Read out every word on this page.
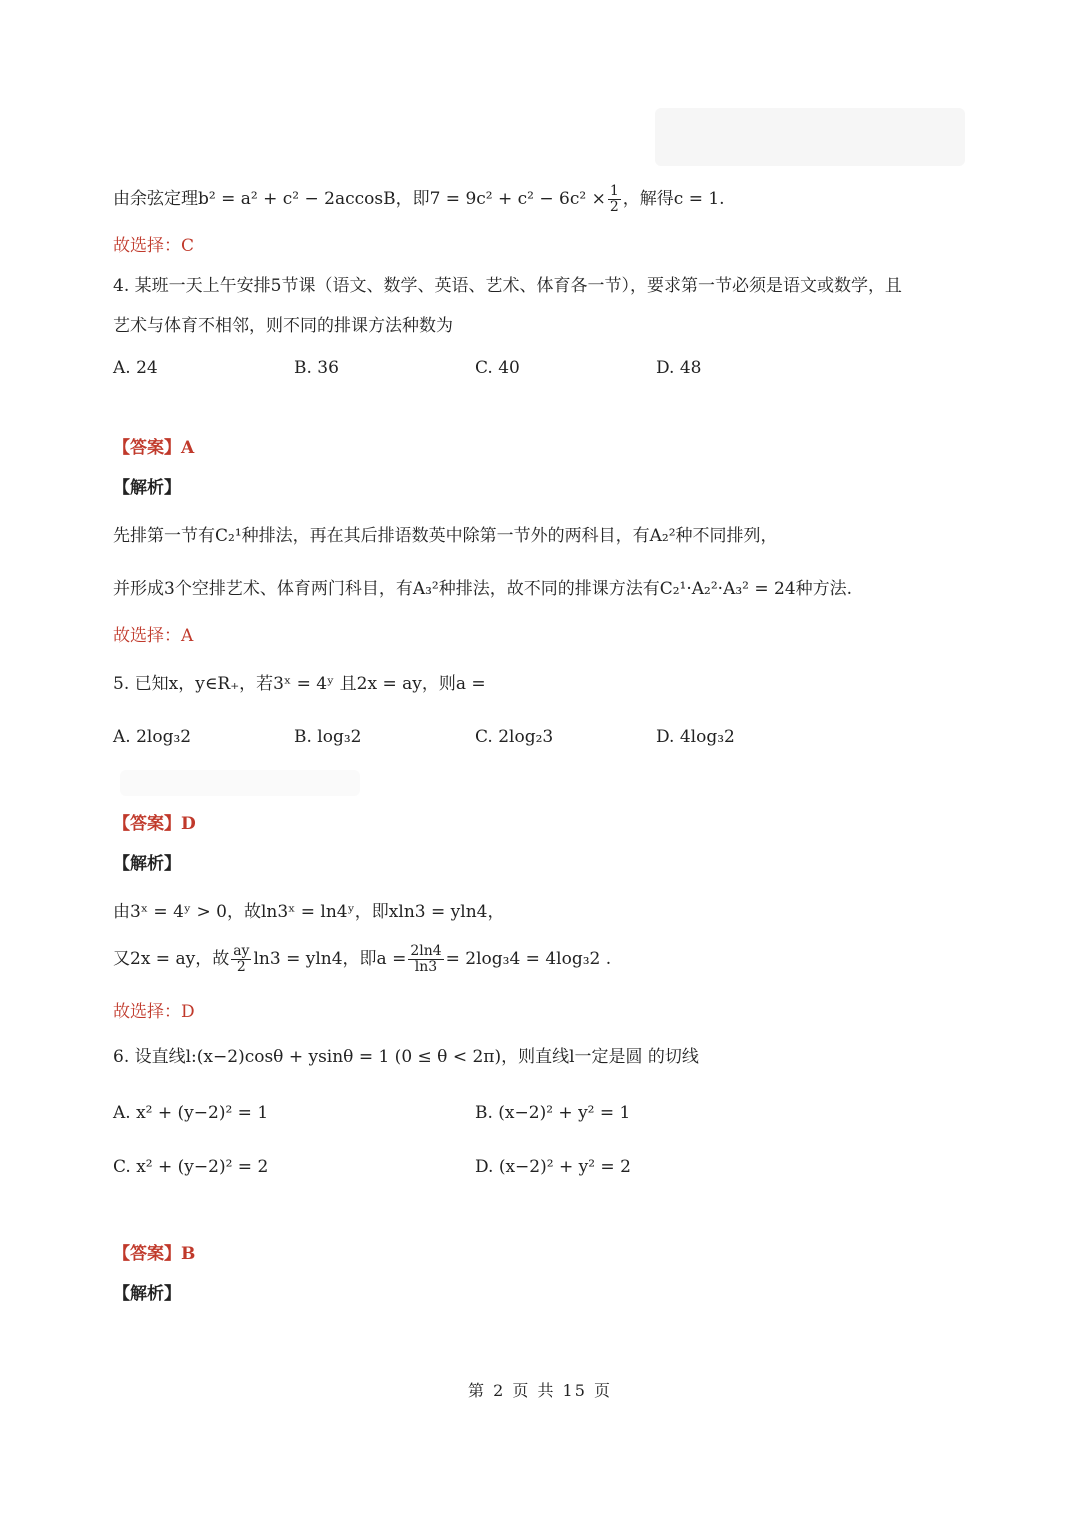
由余弦定理b² = a² + c² − 2accosB，即$7 = 9c^2 + c^2 - 6c^2 \times \frac{1}{2}$ ，解得c = 1.
故选择：C
4. 某班一天上午安排5节课（语文、数学、英语、艺术、体育各一节），要求第一节必须是语文或数学，且
艺术与体育不相邻，则不同的排课方法种数为
A. 24	B. 36	C. 40	D. 48
【答案】A
【解析】
先排第一节有C₂¹种排法，再在其后排语数英中除第一节外的两科目，有A₂²种不同排列，
并形成3个空排艺术、体育两门科目，有A₃²种排法，故不同的排课方法有C₂¹·A₂²·A₃² = 24种方法.
故选择：A
5. 已知x，y∈R₊，若3ˣ = 4ʸ 且2x = ay，则a =
A. 2log₃2	B. log₃2	C. 2log₂3	D. 4log₃2
【答案】D
【解析】
由3ˣ = 4ʸ > 0，故ln3ˣ = ln4ʸ，即xln3 = yln4，
又2x = ay，故 $\frac{ay}{2} \ln 3 = yln4$，即$a = \frac{2\ln 4}{\ln 3} = 2\log_34 = 4\log_32$ .
故选择：D
6. 设直线l:(x−2)cosθ + ysinθ = 1 (0 ≤ θ < 2π)，则直线l一定是圆 的切线
A. x² + (y−2)² = 1	B. (x−2)² + y² = 1
C. x² + (y−2)² = 2	D. (x−2)² + y² = 2
【答案】B
【解析】
第 2 页 共 15 页
